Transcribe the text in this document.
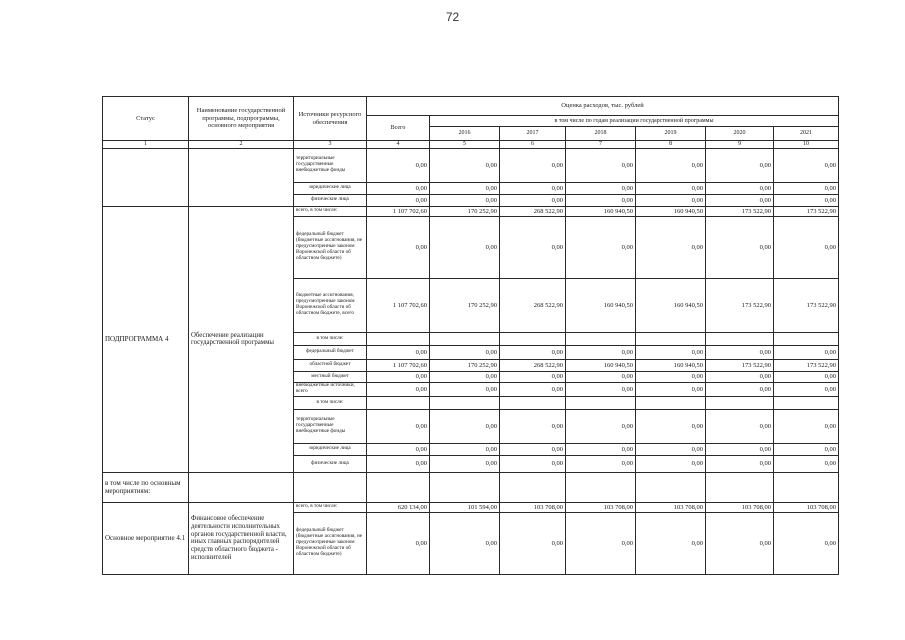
72
Статус	Наименование государственной программы, подпрограммы, основного мероприятия	Источники ресурсного обеспечения	Оценка расходов, тыс. рублей						
			Всего	в том числе по годам реализации государственной программы					
				2016	2017	2018	2019	2020	2021
1	2	3	4	5	6	7	8	9	10
		территориальные государственные внебюджетные фонды	0,00	0,00	0,00	0,00	0,00	0,00	0,00
		юридические лица	0,00	0,00	0,00	0,00	0,00	0,00	0,00
		физические лица	0,00	0,00	0,00	0,00	0,00	0,00	0,00
ПОДПРОГРАММА 4	Обеспечение реализации государственной программы	всего, в том числе:	1 107 702,60	170 252,90	268 522,90	160 940,50	160 940,50	173 522,90	173 522,90
		федеральный бюджет (бюджетные ассигнования, не предусмотренные законом Воронежской области об областном бюджете)	0,00	0,00	0,00	0,00	0,00	0,00	0,00
		бюджетные ассигнования, предусмотренные законом Воронежской области об областном бюджете, всего	1 107 702,60	170 252,90	268 522,90	160 940,50	160 940,50	173 522,90	173 522,90
		в том числе:							
		федеральный бюджет	0,00	0,00	0,00	0,00	0,00	0,00	0,00
		областной бюджет	1 107 702,60	170 252,90	268 522,90	160 940,50	160 940,50	173 522,90	173 522,90
		местный бюджет	0,00	0,00	0,00	0,00	0,00	0,00	0,00
		внебюджетные источники, всего	0,00	0,00	0,00	0,00	0,00	0,00	0,00
		в том числе:							
		территориальные государственные внебюджетные фонды	0,00	0,00	0,00	0,00	0,00	0,00	0,00
		юридические лица	0,00	0,00	0,00	0,00	0,00	0,00	0,00
		физические лица	0,00	0,00	0,00	0,00	0,00	0,00	0,00
в том числе по основным мероприятиям:									
Основное мероприятие 4.1	Финансовое обеспечение деятельности исполнительных органов государственной власти, иных главных распорядителей средств областного бюджета - исполнителей	всего, в том числе:	620 134,00	101 594,00	103 708,00	103 708,00	103 708,00	103 708,00	103 708,00
		федеральный бюджет (бюджетные ассигнования, не предусмотренные законом Воронежской области об областном бюджете)	0,00	0,00	0,00	0,00	0,00	0,00	0,00
